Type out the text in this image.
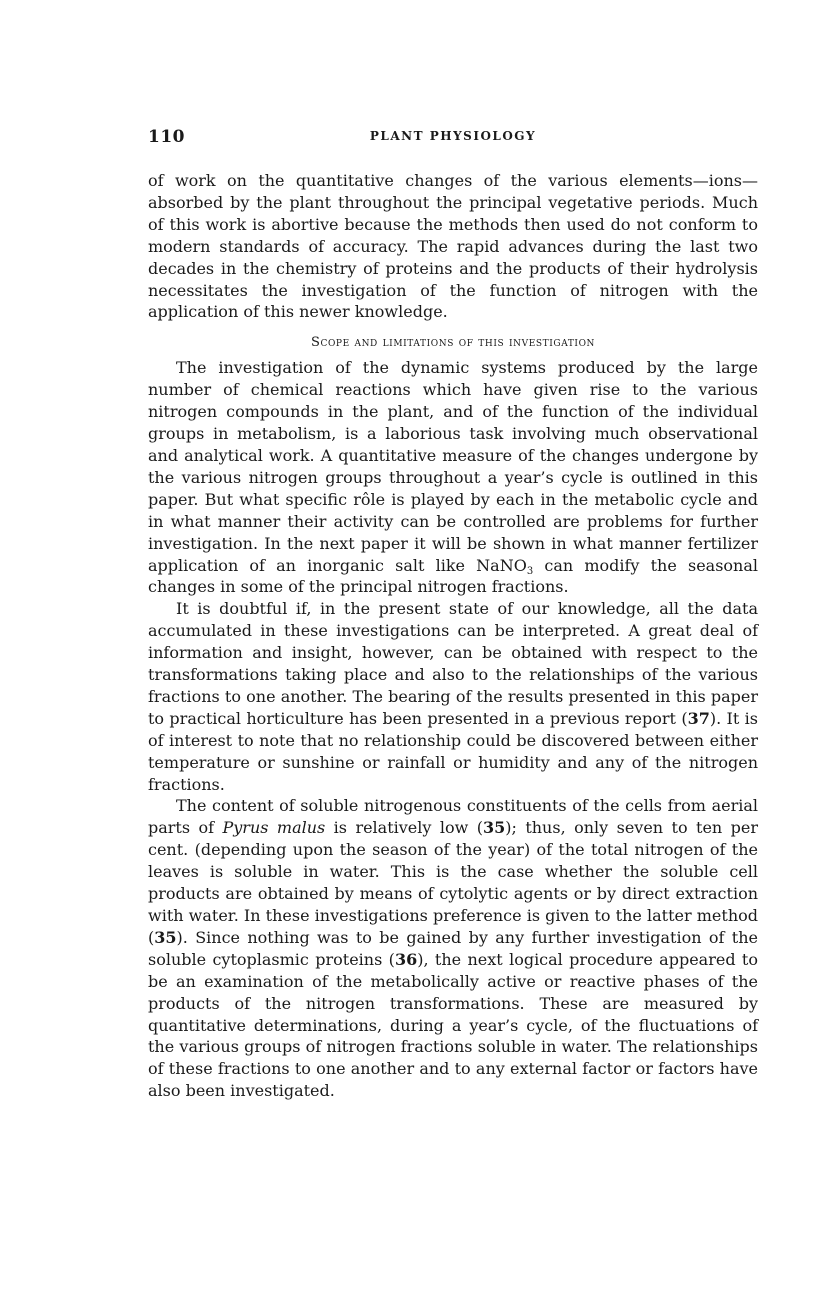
110	PLANT PHYSIOLOGY

of work on the quantitative changes of the various elements—ions—absorbed by the plant throughout the principal vegetative periods. Much of this work is abortive because the methods then used do not conform to modern standards of accuracy. The rapid advances during the last two decades in the chemistry of proteins and the products of their hydrolysis necessitates the investigation of the function of nitrogen with the application of this newer knowledge.

Scope and limitations of this investigation

The investigation of the dynamic systems produced by the large number of chemical reactions which have given rise to the various nitrogen compounds in the plant, and of the function of the individual groups in metabolism, is a laborious task involving much observational and analytical work. A quantitative measure of the changes undergone by the various nitrogen groups throughout a year’s cycle is outlined in this paper. But what specific rôle is played by each in the metabolic cycle and in what manner their activity can be controlled are problems for further investigation. In the next paper it will be shown in what manner fertilizer application of an inorganic salt like NaNO$_3$ can modify the seasonal changes in some of the principal nitrogen fractions.

It is doubtful if, in the present state of our knowledge, all the data accumulated in these investigations can be interpreted. A great deal of information and insight, however, can be obtained with respect to the transformations taking place and also to the relationships of the various fractions to one another. The bearing of the results presented in this paper to practical horticulture has been presented in a previous report (37). It is of interest to note that no relationship could be discovered between either temperature or sunshine or rainfall or humidity and any of the nitrogen fractions.

The content of soluble nitrogenous constituents of the cells from aerial parts of Pyrus malus is relatively low (35); thus, only seven to ten per cent. (depending upon the season of the year) of the total nitrogen of the leaves is soluble in water. This is the case whether the soluble cell products are obtained by means of cytolytic agents or by direct extraction with water. In these investigations preference is given to the latter method (35). Since nothing was to be gained by any further investigation of the soluble cytoplasmic proteins (36), the next logical procedure appeared to be an examination of the metabolically active or reactive phases of the products of the nitrogen transformations. These are measured by quantitative determinations, during a year’s cycle, of the fluctuations of the various groups of nitrogen fractions soluble in water. The relationships of these fractions to one another and to any external factor or factors have also been investigated.
